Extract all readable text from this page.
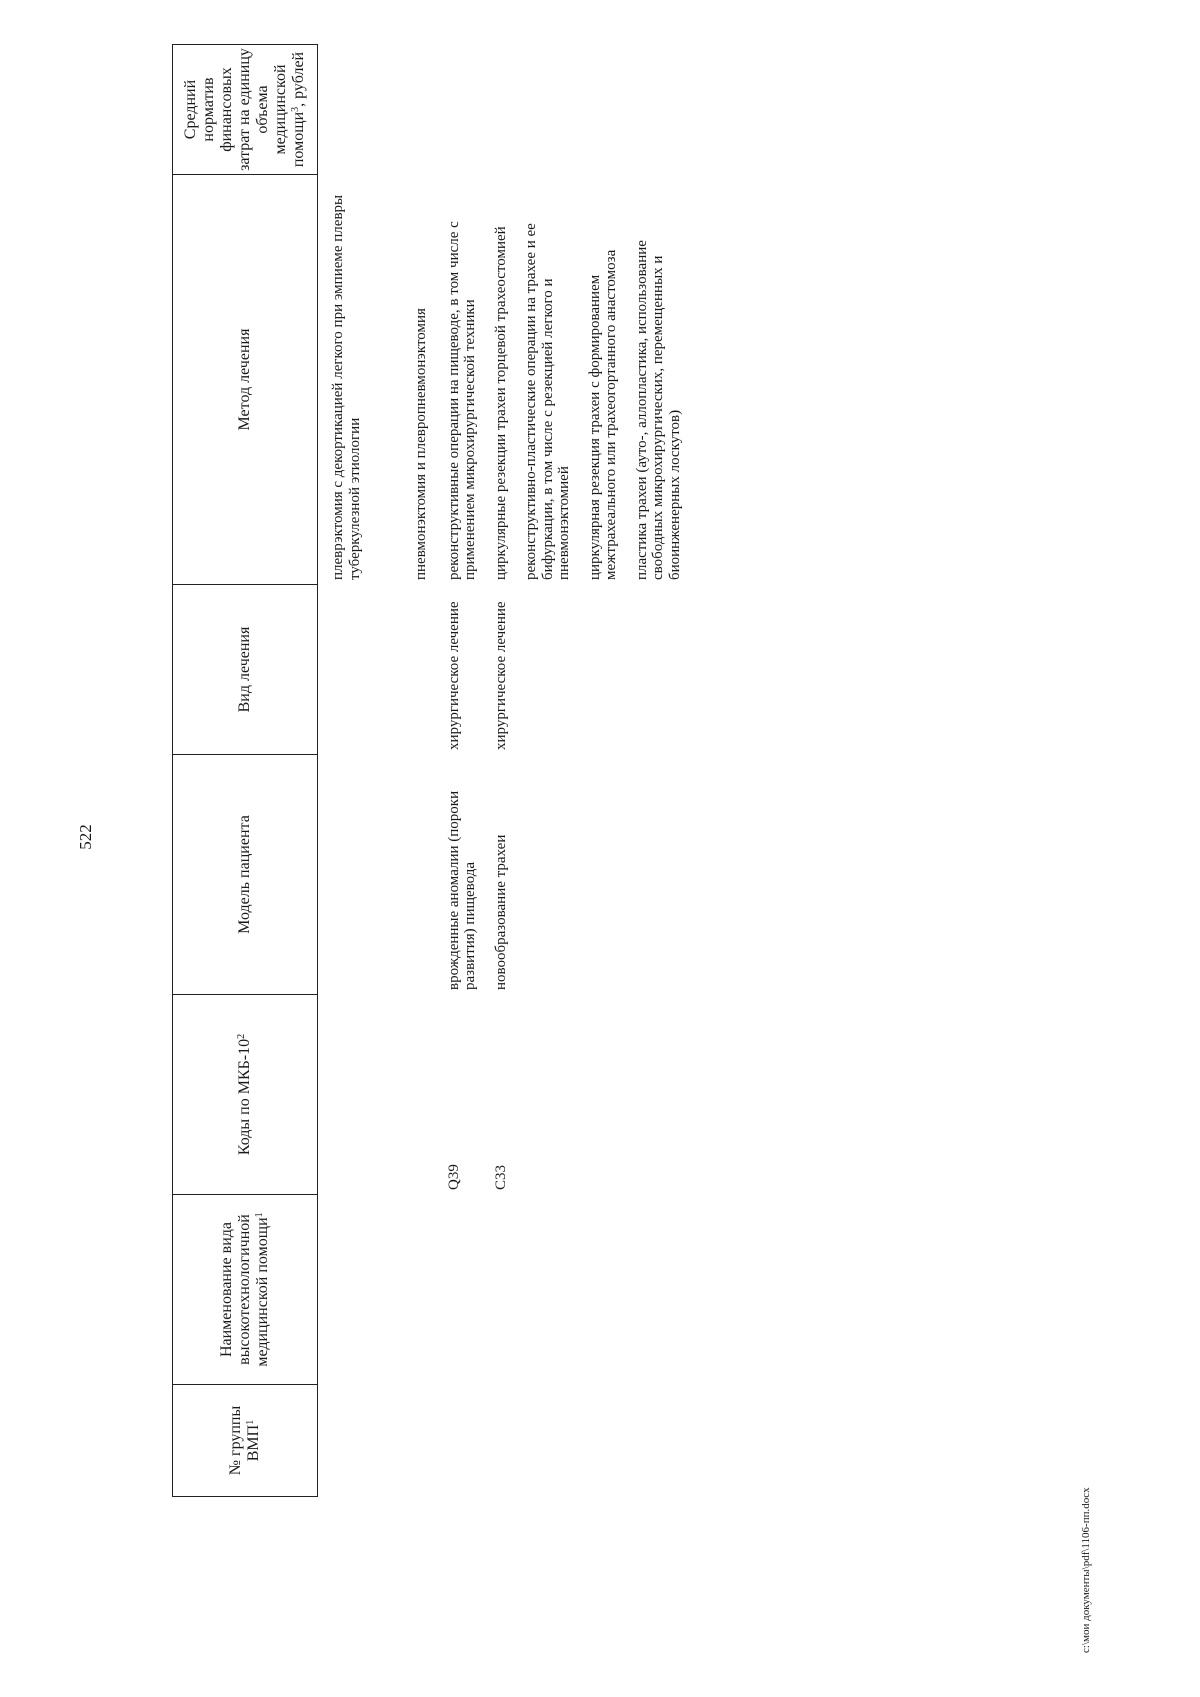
522
№ группы ВМП$^1$	Наименование вида высокотехнологичной медицинской помощи$^1$	Коды по МКБ-$10^2$	Модель пациента	Вид лечения	Метод лечения	Средний норматив финансовых затрат на единицу объема медицинской помощи$^3$, рублей

					плеврэктомия с декортикацией легкого при эмпиеме плевры туберкулезной этиологии	

					пневмонэктомия и плевропневмонэктомия	

		Q39	врожденные аномалии (пороки развития) пищевода	хирургическое лечение	реконструктивные операции на пищеводе, в том числе с применением микрохирургической техники	

		C33	новообразование трахеи	хирургическое лечение	циркулярные резекции трахеи торцевой трахеостомией	

					реконструктивно-пластические операции на трахее и ее бифуркации, в том числе с резекцией легкого и пневмонэктомией	

					циркулярная резекция трахеи с формированием межтрахеального или трахеогортанного анастомоза	

					пластика трахеи (ауто-, аллопластика, использование свободных микрохирургических, перемещенных и биоинженерных лоскутов)	
c:\мои документы\pdf\1106-пп.docx
